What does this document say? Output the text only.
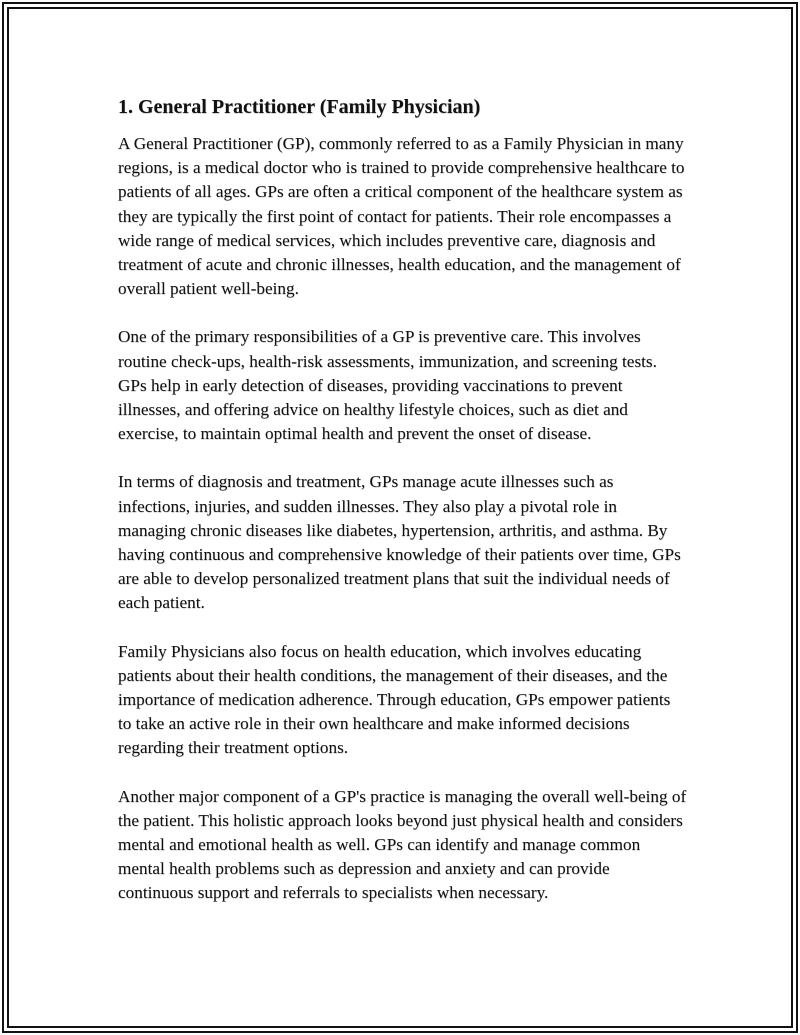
1. General Practitioner (Family Physician)

A General Practitioner (GP), commonly referred to as a Family Physician in many regions, is a medical doctor who is trained to provide comprehensive healthcare to patients of all ages. GPs are often a critical component of the healthcare system as they are typically the first point of contact for patients. Their role encompasses a wide range of medical services, which includes preventive care, diagnosis and treatment of acute and chronic illnesses, health education, and the management of overall patient well-being.

One of the primary responsibilities of a GP is preventive care. This involves routine check-ups, health-risk assessments, immunization, and screening tests. GPs help in early detection of diseases, providing vaccinations to prevent illnesses, and offering advice on healthy lifestyle choices, such as diet and exercise, to maintain optimal health and prevent the onset of disease.

In terms of diagnosis and treatment, GPs manage acute illnesses such as infections, injuries, and sudden illnesses. They also play a pivotal role in managing chronic diseases like diabetes, hypertension, arthritis, and asthma. By having continuous and comprehensive knowledge of their patients over time, GPs are able to develop personalized treatment plans that suit the individual needs of each patient.

Family Physicians also focus on health education, which involves educating patients about their health conditions, the management of their diseases, and the importance of medication adherence. Through education, GPs empower patients to take an active role in their own healthcare and make informed decisions regarding their treatment options.

Another major component of a GP's practice is managing the overall well-being of the patient. This holistic approach looks beyond just physical health and considers mental and emotional health as well. GPs can identify and manage common mental health problems such as depression and anxiety and can provide continuous support and referrals to specialists when necessary.
